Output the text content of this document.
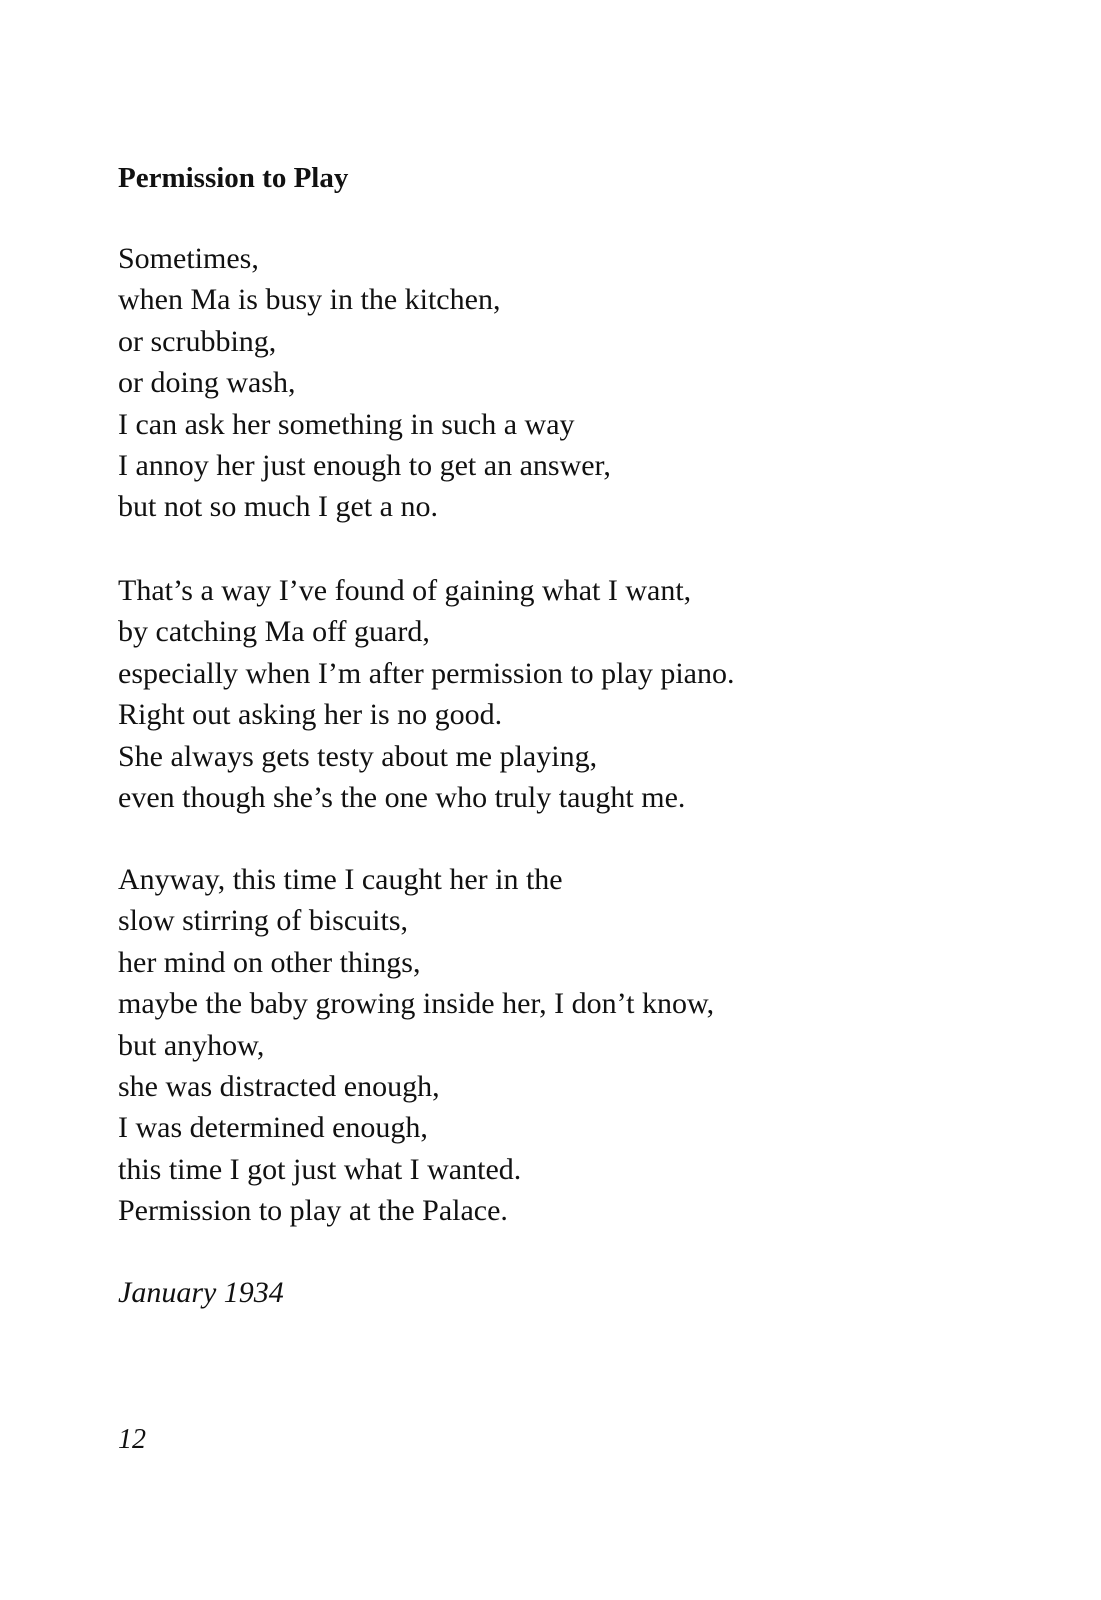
Permission to Play
Sometimes,
when Ma is busy in the kitchen,
or scrubbing,
or doing wash,
I can ask her something in such a way
I annoy her just enough to get an answer,
but not so much I get a no.
That’s a way I’ve found of gaining what I want,
by catching Ma off guard,
especially when I’m after permission to play piano.
Right out asking her is no good.
She always gets testy about me playing,
even though she’s the one who truly taught me.
Anyway, this time I caught her in the
slow stirring of biscuits,
her mind on other things,
maybe the baby growing inside her, I don’t know,
but anyhow,
she was distracted enough,
I was determined enough,
this time I got just what I wanted.
Permission to play at the Palace.

January 1934

12
